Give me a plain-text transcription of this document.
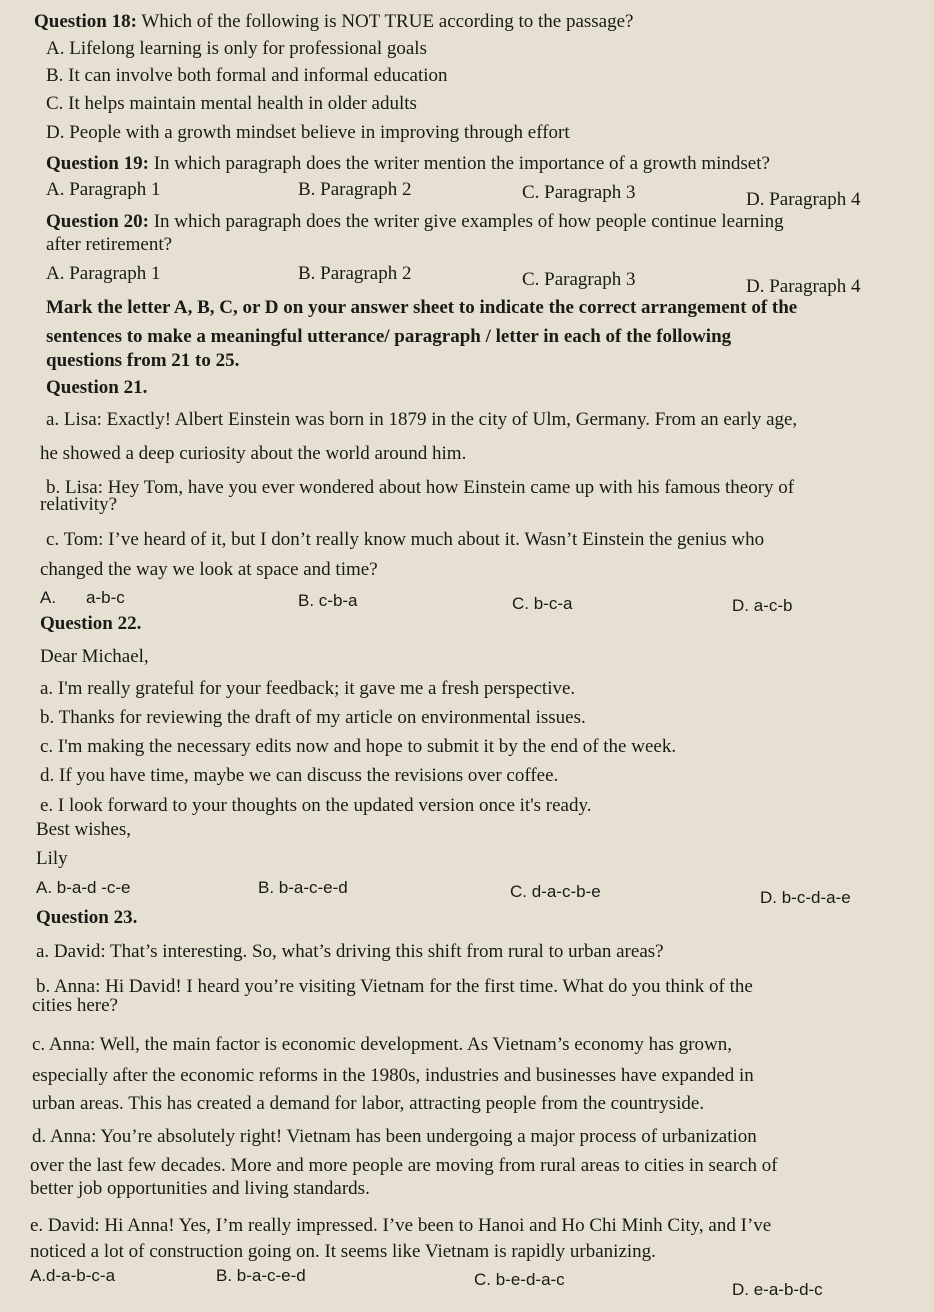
Question 18: Which of the following is NOT TRUE according to the passage?
A. Lifelong learning is only for professional goals
B. It can involve both formal and informal education
C. It helps maintain mental health in older adults
D. People with a growth mindset believe in improving through effort
Question 19: In which paragraph does the writer mention the importance of a growth mindset?
A. Paragraph 1	B. Paragraph 2	C. Paragraph 3	D. Paragraph 4
Question 20: In which paragraph does the writer give examples of how people continue learning
after retirement?
A. Paragraph 1	B. Paragraph 2	C. Paragraph 3	D. Paragraph 4
Mark the letter A, B, C, or D on your answer sheet to indicate the correct arrangement of the
sentences to make a meaningful utterance/ paragraph / letter in each of the following
questions from 21 to 25.
Question 21.
a. Lisa: Exactly! Albert Einstein was born in 1879 in the city of Ulm, Germany. From an early age,
he showed a deep curiosity about the world around him.
b. Lisa: Hey Tom, have you ever wondered about how Einstein came up with his famous theory of
relativity?
c. Tom: I’ve heard of it, but I don’t really know much about it. Wasn’t Einstein the genius who
changed the way we look at space and time?
A. a-b-c	B. c-b-a	C. b-c-a	D. a-c-b
Question 22.
Dear Michael,
a. I'm really grateful for your feedback; it gave me a fresh perspective.
b. Thanks for reviewing the draft of my article on environmental issues.
c. I'm making the necessary edits now and hope to submit it by the end of the week.
d. If you have time, maybe we can discuss the revisions over coffee.
e. I look forward to your thoughts on the updated version once it's ready.
Best wishes,
Lily
A. b-a-d -c-e	B. b-a-c-e-d	C. d-a-c-b-e	D. b-c-d-a-e
Question 23.
a. David: That’s interesting. So, what’s driving this shift from rural to urban areas?
b. Anna: Hi David! I heard you’re visiting Vietnam for the first time. What do you think of the
cities here?
c. Anna: Well, the main factor is economic development. As Vietnam’s economy has grown,
especially after the economic reforms in the 1980s, industries and businesses have expanded in
urban areas. This has created a demand for labor, attracting people from the countryside.
d. Anna: You’re absolutely right! Vietnam has been undergoing a major process of urbanization
over the last few decades. More and more people are moving from rural areas to cities in search of
better job opportunities and living standards.
e. David: Hi Anna! Yes, I’m really impressed. I’ve been to Hanoi and Ho Chi Minh City, and I’ve
noticed a lot of construction going on. It seems like Vietnam is rapidly urbanizing.
A.d-a-b-c-a	B. b-a-c-e-d	C. b-e-d-a-c
D. e-a-b-d-c
